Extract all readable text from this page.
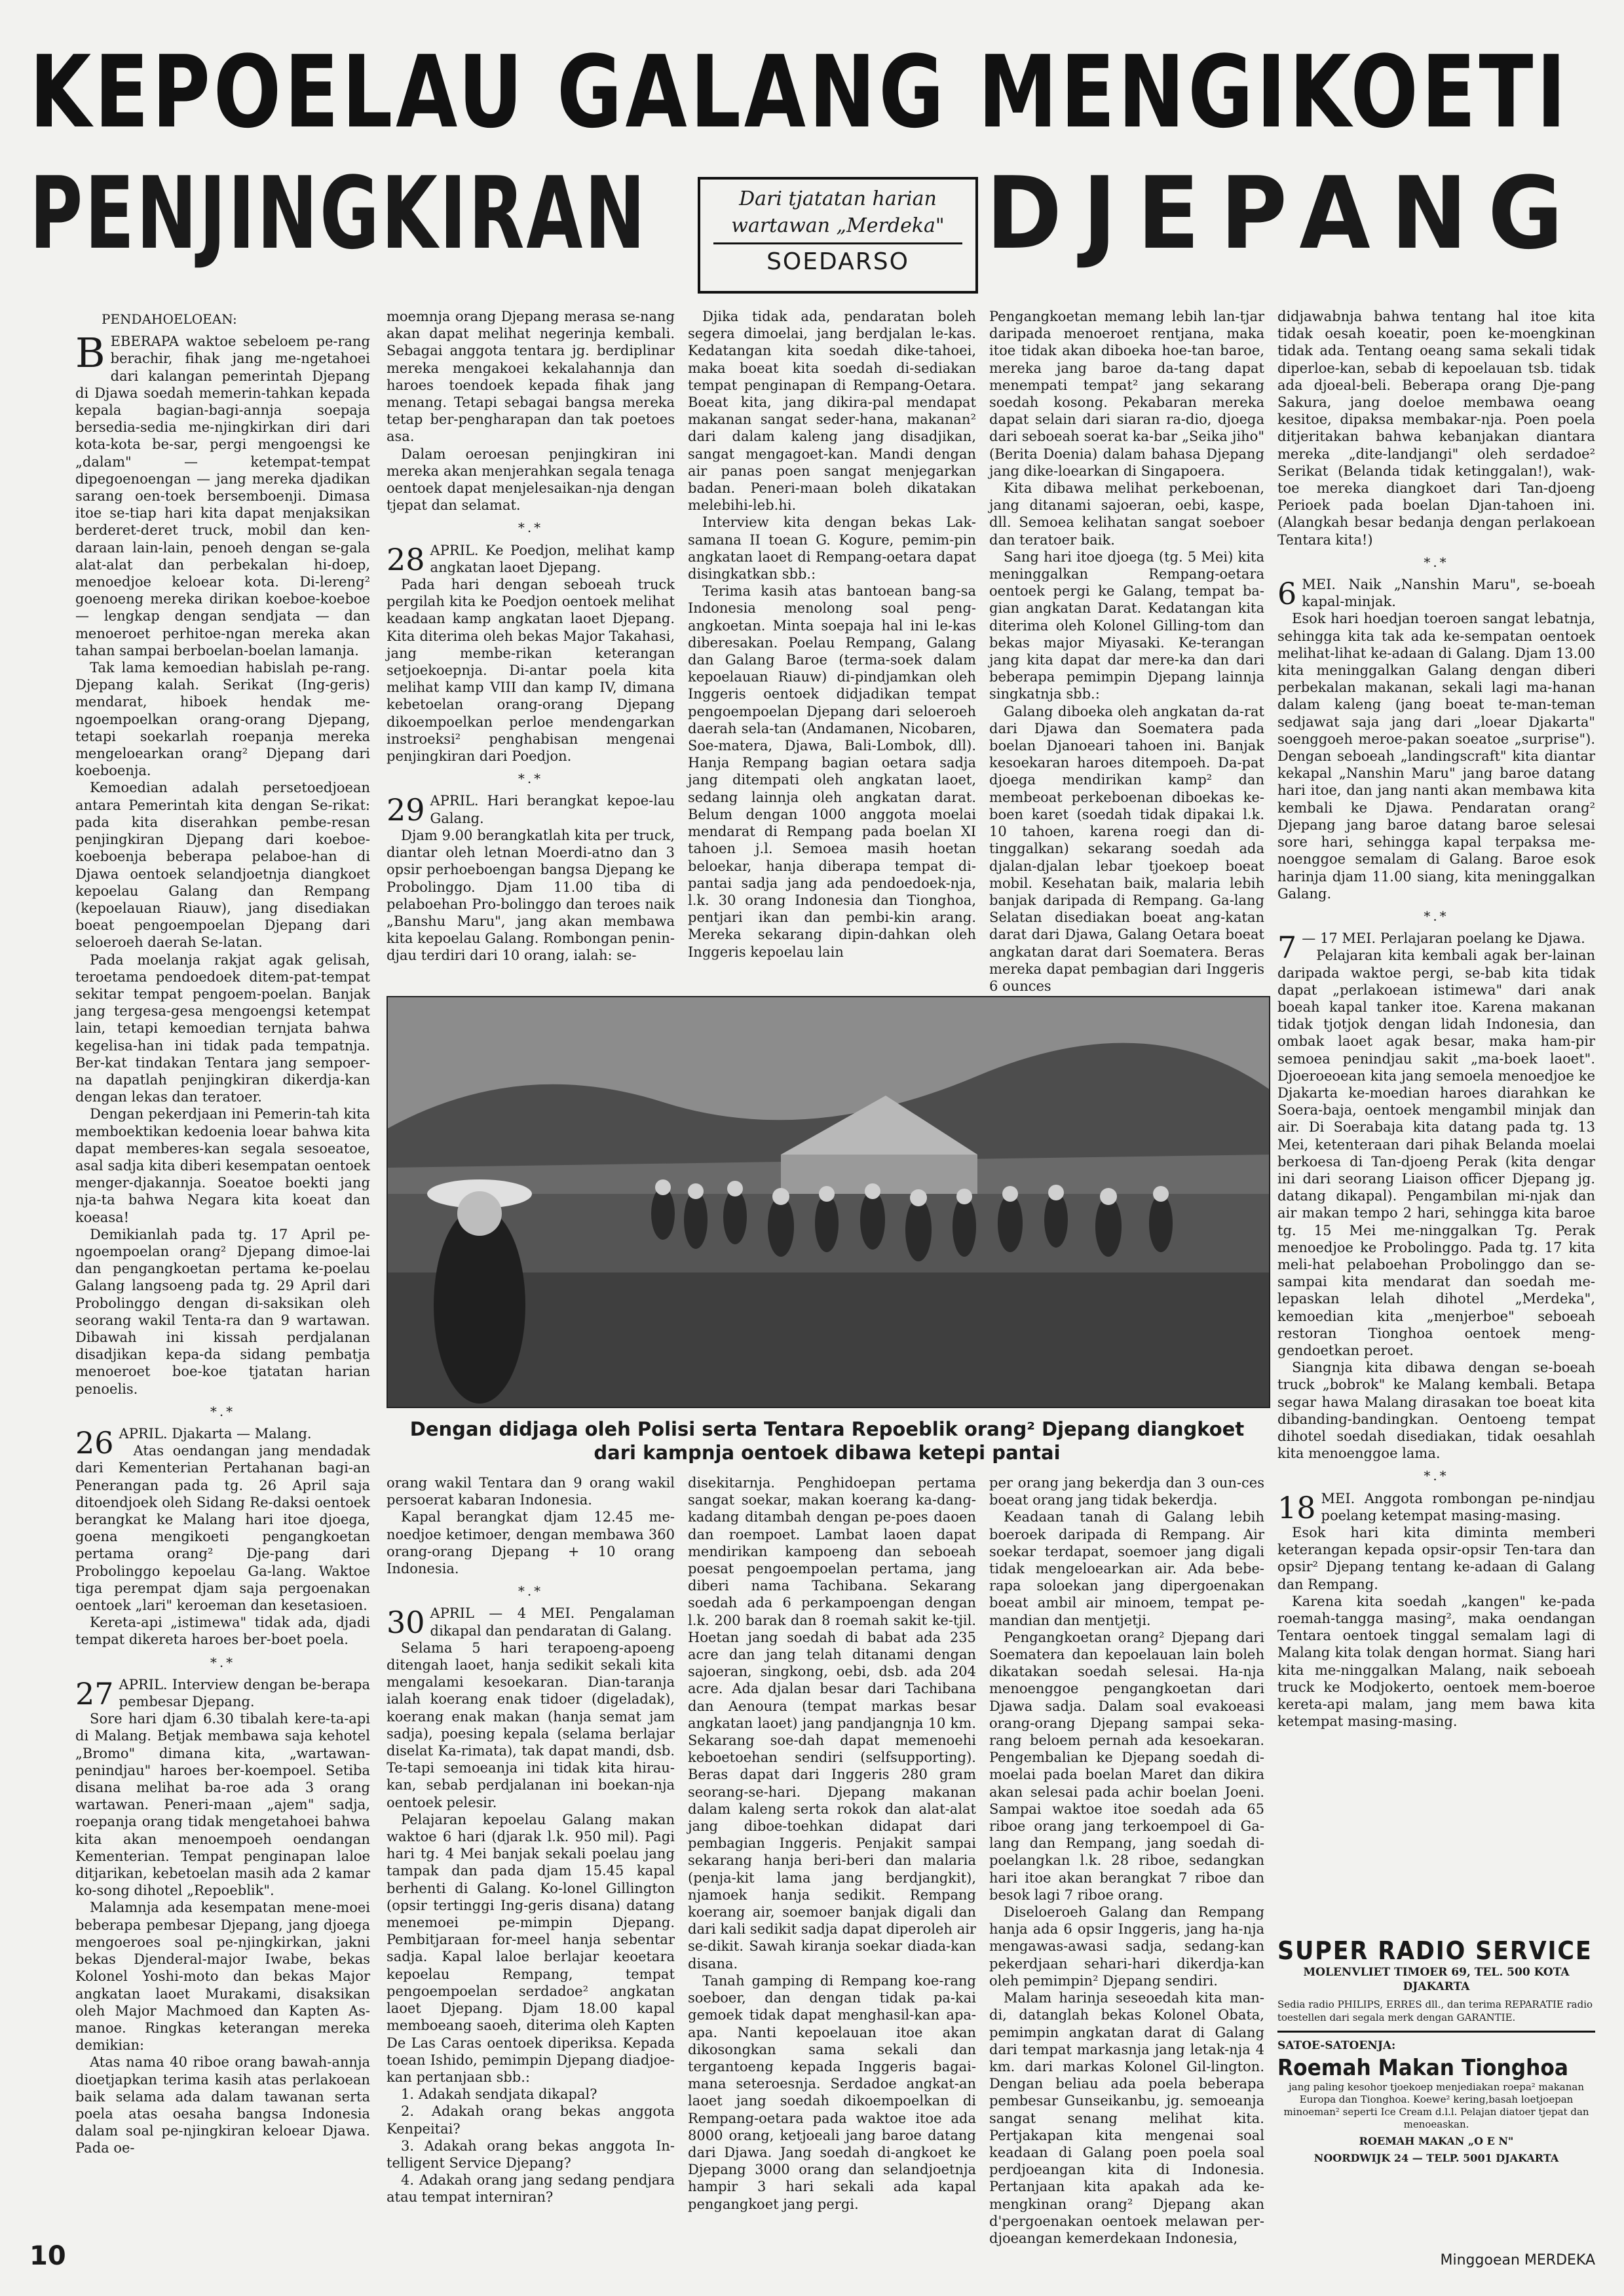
KEPOELAU GALANG MENGIKOETI
PENJINGKIRAN	Dari tjatatan harian
wartawan „Merdeka"
SOEDARSO DJEPANG
PENDAHOELOEAN:

BEBERAPA waktoe sebeloem pe-rang berachir, fihak jang me-ngetahoei dari kalangan pemerintah Djepang di Djawa soedah memerin-tahkan kepada kepala bagian-bagi-annja soepaja bersedia-sedia me-njingkirkan diri dari kota-kota be-sar, pergi mengoengsi ke „dalam" — ketempat-tempat dipegoenoengan — jang mereka djadikan sarang oen-toek bersemboenji. Dimasa itoe se-tiap hari kita dapat menjaksikan berderet-deret truck, mobil dan ken-daraan lain-lain, penoeh dengan se-gala alat-alat dan perbekalan hi-doep, menoedjoe keloear kota. Di-lereng² goenoeng mereka dirikan koeboe-koeboe — lengkap dengan sendjata — dan menoeroet perhitoe-ngan mereka akan tahan sampai berboelan-boelan lamanja.

Tak lama kemoedian habislah pe-rang. Djepang kalah. Serikat (Ing-geris) mendarat, hiboek hendak me-ngoempoelkan orang-orang Djepang, tetapi soekarlah roepanja mereka mengeloearkan orang² Djepang dari koeboenja.

Kemoedian adalah persetoedjoean antara Pemerintah kita dengan Se-rikat: pada kita diserahkan pembe-resan penjingkiran Djepang dari koeboe-koeboenja beberapa pelaboe-han di Djawa oentoek selandjoetnja diangkoet kepoelau Galang dan Rempang (kepoelauan Riauw), jang disediakan boeat pengoempoelan Djepang dari seloeroeh daerah Se-latan.

Pada moelanja rakjat agak gelisah, teroetama pendoedoek ditem-pat-tempat sekitar tempat pengoem-poelan. Banjak jang tergesa-gesa mengoengsi ketempat lain, tetapi kemoedian ternjata bahwa kegelisa-han ini tidak pada tempatnja. Ber-kat tindakan Tentara jang sempoer-na dapatlah penjingkiran dikerdja-kan dengan lekas dan teratoer.

Dengan pekerdjaan ini Pemerin-tah kita memboektikan kedoenia loear bahwa kita dapat memberes-kan segala sesoeatoe, asal sadja kita diberi kesempatan oentoek menger-djakannja. Soeatoe boekti jang nja-ta bahwa Negara kita koeat dan koeasa!

Demikianlah pada tg. 17 April pe-ngoempoelan orang² Djepang dimoe-lai dan pengangkoetan pertama ke-poelau Galang langsoeng pada tg. 29 April dari Probolinggo dengan di-saksikan oleh seorang wakil Tenta-ra dan 9 wartawan. Dibawah ini kissah perdjalanan disadjikan kepa-da sidang pembatja menoeroet boe-koe tjatatan harian penoelis.

*.*

26 APRIL. Djakarta — Malang.

Atas oendangan jang mendadak dari Kementerian Pertahanan bagi-an Penerangan pada tg. 26 April saja ditoendjoek oleh Sidang Re-daksi oentoek berangkat ke Malang hari itoe djoega, goena mengikoeti pengangkoetan pertama orang² Dje-pang dari Probolinggo kepoelau Ga-lang. Waktoe tiga perempat djam saja pergoenakan oentoek „lari" keroeman dan kesetasioen.

Kereta-api „istimewa" tidak ada, djadi tempat dikereta haroes ber-boet poela.

*.*

27 APRIL. Interview dengan be-berapa pembesar Djepang.

Sore hari djam 6.30 tibalah kere-ta-api di Malang. Betjak membawa saja kehotel „Bromo" dimana kita, „wartawan-penindjau" haroes ber-koempoel. Setiba disana melihat ba-roe ada 3 orang wartawan. Peneri-maan „ajem" sadja, roepanja orang tidak mengetahoei bahwa kita akan menoempoeh oendangan Kementerian. Tempat penginapan laloe ditjarikan, kebetoelan masih ada 2 kamar ko-song dihotel „Repoeblik".

Malamnja ada kesempatan mene-moei beberapa pembesar Djepang, jang djoega mengoeroes soal pe-njingkirkan, jakni bekas Djenderal-major Iwabe, bekas Kolonel Yoshi-moto dan bekas Major angkatan laoet Murakami, disaksikan oleh Major Machmoed dan Kapten As-manoe. Ringkas keterangan mereka demikian:

Atas nama 40 riboe orang bawah-annja dioetjapkan terima kasih atas perlakoean baik selama ada dalam tawanan serta poela atas oesaha bangsa Indonesia dalam soal pe-njingkiran keloear Djawa. Pada oe-

moemnja orang Djepang merasa se-nang akan dapat melihat negerinja kembali. Sebagai anggota tentara jg. berdiplinar mereka mengakoei kekalahannja dan haroes toendoek kepada fihak jang menang. Tetapi sebagai bangsa mereka tetap ber-pengharapan dan tak poetoes asa.

Dalam oeroesan penjingkiran ini mereka akan menjerahkan segala tenaga oentoek dapat menjelesaikan-nja dengan tjepat dan selamat.

*.*

28 APRIL. Ke Poedjon, melihat kamp angkatan laoet Djepang.

Pada hari dengan seboeah truck pergilah kita ke Poedjon oentoek melihat keadaan kamp angkatan laoet Djepang. Kita diterima oleh bekas Major Takahasi, jang membe-rikan keterangan setjoekoepnja. Di-antar poela kita melihat kamp VIII dan kamp IV, dimana kebetoelan orang-orang Djepang dikoempoelkan perloe mendengarkan instroeksi² penghabisan mengenai penjingkiran dari Poedjon.

*.*

29 APRIL. Hari berangkat kepoe-lau Galang.

Djam 9.00 berangkatlah kita per truck, diantar oleh letnan Moerdi-atno dan 3 opsir perhoeboengan bangsa Djepang ke Probolinggo. Djam 11.00 tiba di pelaboehan Pro-bolinggo dan teroes naik „Banshu Maru", jang akan membawa kita kepoelau Galang. Rombongan penin-djau terdiri dari 10 orang, ialah: se-

Djika tidak ada, pendaratan boleh segera dimoelai, jang berdjalan le-kas. Kedatangan kita soedah dike-tahoei, maka boeat kita soedah di-sediakan tempat penginapan di Rempang-Oetara. Boeat kita, jang dikira-pal mendapat makanan sangat seder-hana, makanan² dari dalam kaleng jang disadjikan, sangat mengagoet-kan. Mandi dengan air panas poen sangat menjegarkan badan. Peneri-maan boleh dikatakan melebihi-leb.hi.

Interview kita dengan bekas Lak-samana II toean G. Kogure, pemim-pin angkatan laoet di Rempang-oetara dapat disingkatkan sbb.:

Terima kasih atas bantoean bang-sa Indonesia menolong soal peng-angkoetan. Minta soepaja hal ini le-kas diberesakan. Poelau Rempang, Galang dan Galang Baroe (terma-soek dalam kepoelauan Riauw) di-pindjamkan oleh Inggeris oentoek didjadikan tempat pengoempoelan Djepang dari seloeroeh daerah sela-tan (Andamanen, Nicobaren, Soe-matera, Djawa, Bali-Lombok, dll). Hanja Rempang bagian oetara sadja jang ditempati oleh angkatan laoet, sedang lainnja oleh angkatan darat. Belum dengan 1000 anggota moelai mendarat di Rempang pada boelan XI tahoen j.l. Semoea masih hoetan beloekar, hanja diberapa tempat di-pantai sadja jang ada pendoedoek-nja, l.k. 30 orang Indonesia dan Tionghoa, pentjari ikan dan pembi-kin arang. Mereka sekarang dipin-dahkan oleh Inggeris kepoelau lain

Pengangkoetan memang lebih lan-tjar daripada menoeroet rentjana, maka itoe tidak akan diboeka hoe-tan baroe, mereka jang baroe da-tang dapat menempati tempat² jang sekarang soedah kosong. Pekabaran mereka dapat selain dari siaran ra-dio, djoega dari seboeah soerat ka-bar „Seika jiho" (Berita Doenia) dalam bahasa Djepang jang dike-loearkan di Singapoera.

Kita dibawa melihat perkeboenan, jang ditanami sajoeran, oebi, kaspe, dll. Semoea kelihatan sangat soeboer dan teratoer baik.

Sang hari itoe djoega (tg. 5 Mei) kita meninggalkan Rempang-oetara oentoek pergi ke Galang, tempat ba-gian angkatan Darat. Kedatangan kita diterima oleh Kolonel Gilling-tom dan bekas major Miyasaki. Ke-terangan jang kita dapat dar mere-ka dan dari beberapa pemimpin Djepang lainnja singkatnja sbb.:

Galang diboeka oleh angkatan da-rat dari Djawa dan Soematera pada boelan Djanoeari tahoen ini. Banjak kesoekaran haroes ditempoeh. Da-pat djoega mendirikan kamp² dan membeoat perkeboenan diboekas ke-boen karet (soedah tidak dipakai l.k. 10 tahoen, karena roegi dan di-tinggalkan) sekarang soedah ada djalan-djalan lebar tjoekoep boeat mobil. Kesehatan baik, malaria lebih banjak daripada di Rempang. Ga-lang Selatan disediakan boeat ang-katan darat dari Djawa, Galang Oetara boeat angkatan darat dari Soematera. Beras mereka dapat pembagian dari Inggeris 6 ounces

didjawabnja bahwa tentang hal itoe kita tidak oesah koeatir, poen ke-moengkinan tidak ada. Tentang oeang sama sekali tidak diperloe-kan, sebab di kepoelauan tsb. tidak ada djoeal-beli. Beberapa orang Dje-pang Sakura, jang doeloe membawa oeang kesitoe, dipaksa membakar-nja. Poen poela ditjeritakan bahwa kebanjakan diantara mereka „dite-landjangi" oleh serdadoe² Serikat (Belanda tidak ketinggalan!), wak-toe mereka diangkoet dari Tan-djoeng Perioek pada boelan Djan-tahoen ini. (Alangkah besar bedanja dengan perlakoean Tentara kita!)

*.*

6 MEI. Naik „Nanshin Maru", se-boeah kapal-minjak.

Esok hari hoedjan toeroen sangat lebatnja, sehingga kita tak ada ke-sempatan oentoek melihat-lihat ke-adaan di Galang. Djam 13.00 kita meninggalkan Galang dengan diberi perbekalan makanan, sekali lagi ma-hanan dalam kaleng (jang boeat te-man-teman sedjawat saja jang dari „loear Djakarta" soenggoeh meroe-pakan soeatoe „surprise"). Dengan seboeah „landingscraft" kita diantar kekapal „Nanshin Maru" jang baroe datang hari itoe, dan jang nanti akan membawa kita kembali ke Djawa. Pendaratan orang² Djepang jang baroe datang baroe selesai sore hari, sehingga kapal terpaksa me-noenggoe semalam di Galang. Baroe esok harinja djam 11.00 siang, kita meninggalkan Galang.

*.*

7 — 17 MEI. Perlajaran poelang ke Djawa.

Pelajaran kita kembali agak ber-lainan daripada waktoe pergi, se-bab kita tidak dapat „perlakoean istimewa" dari anak boeah kapal tanker itoe. Karena makanan tidak tjotjok dengan lidah Indonesia, dan ombak laoet agak besar, maka ham-pir semoea penindjau sakit „ma-boek laoet". Djoeroeoean kita jang semoela menoedjoe ke Djakarta ke-moedian haroes diarahkan ke Soera-baja, oentoek mengambil minjak dan air. Di Soerabaja kita datang pada tg. 13 Mei, ketenteraan dari pihak Belanda moelai berkoesa di Tan-djoeng Perak (kita dengar ini dari seorang Liaison officer Djepang jg. datang dikapal). Pengambilan mi-njak dan air makan tempo 2 hari, sehingga kita baroe tg. 15 Mei me-ninggalkan Tg. Perak menoedjoe ke Probolinggo. Pada tg. 17 kita meli-hat pelaboehan Probolinggo dan se-sampai kita mendarat dan soedah me-lepaskan lelah dihotel „Merdeka", kemoedian kita „menjerboe" seboeah restoran Tionghoa oentoek meng-gendoetkan peroet.

Siangnja kita dibawa dengan se-boeah truck „bobrok" ke Malang kembali. Betapa segar hawa Malang dirasakan toe boeat kita dibanding-bandingkan. Oentoeng tempat dihotel soedah disediakan, tidak oesahlah kita menoenggoe lama.

*.*

18 MEI. Anggota rombongan pe-nindjau poelang ketempat masing-masing.

Esok hari kita diminta memberi keterangan kepada opsir-opsir Ten-tara dan opsir² Djepang tentang ke-adaan di Galang dan Rempang.

Karena kita soedah „kangen" ke-pada roemah-tangga masing², maka oendangan Tentara oentoek tinggal semalam lagi di Malang kita tolak dengan hormat. Siang hari kita me-ninggalkan Malang, naik seboeah truck ke Modjokerto, oentoek mem-boeroe kereta-api malam, jang mem bawa kita ketempat masing-masing.

Dengan didjaga oleh Polisi serta Tentara Repoeblik orang² Djepang diangkoet
dari kampnja oentoek dibawa ketepi pantai

orang wakil Tentara dan 9 orang wakil persoerat kabaran Indonesia.

Kapal berangkat djam 12.45 me-noedjoe ketimoer, dengan membawa 360 orang-orang Djepang + 10 orang Indonesia.

*.*

30 APRIL — 4 MEI. Pengalaman dikapal dan pendaratan di Galang.

Selama 5 hari terapoeng-apoeng ditengah laoet, hanja sedikit sekali kita mengalami kesoekaran. Dian-taranja ialah koerang enak tidoer (digeladak), koerang enak makan (hanja semat jam sadja), poesing kepala (selama berlajar diselat Ka-rimata), tak dapat mandi, dsb. Te-tapi semoeanja ini tidak kita hirau-kan, sebab perdjalanan ini boekan-nja oentoek pelesir.

Pelajaran kepoelau Galang makan waktoe 6 hari (djarak l.k. 950 mil). Pagi hari tg. 4 Mei banjak sekali poelau jang tampak dan pada djam 15.45 kapal berhenti di Galang. Ko-lonel Gillington (opsir tertinggi Ing-geris disana) datang menemoei pe-mimpin Djepang. Pembitjaraan for-meel hanja sebentar sadja. Kapal laloe berlajar keoetara kepoelau Rempang, tempat pengoempoelan serdadoe² angkatan laoet Djepang. Djam 18.00 kapal memboeang saoeh, diterima oleh Kapten De Las Caras oentoek diperiksa. Kepada toean Ishido, pemimpin Djepang diadjoe-kan pertanjaan sbb.:

1. Adakah sendjata dikapal?

2. Adakah orang bekas anggota Kenpeitai?

3. Adakah orang bekas anggota In-telligent Service Djepang?

4. Adakah orang jang sedang pendjara atau tempat interniran?

disekitarnja. Penghidoepan pertama sangat soekar, makan koerang ka-dang-kadang ditambah dengan pe-poes daoen dan roempoet. Lambat laoen dapat mendirikan kampoeng dan seboeah poesat pengoempoelan pertama, jang diberi nama Tachibana. Sekarang soedah ada 6 perkampoengan dengan l.k. 200 barak dan 8 roemah sakit ke-tjil. Hoetan jang soedah di babat ada 235 acre dan jang telah ditanami dengan sajoeran, singkong, oebi, dsb. ada 204 acre. Ada djalan besar dari Tachibana dan Aenoura (tempat markas besar angkatan laoet) jang pandjangnja 10 km. Sekarang soe-dah dapat memenoehi keboetoehan sendiri (selfsupporting). Beras dapat dari Inggeris 280 gram seorang-se-hari. Djepang makanan dalam kaleng serta rokok dan alat-alat jang diboe-toehkan didapat dari pembagian Inggeris. Penjakit sampai sekarang hanja beri-beri dan malaria (penja-kit lama jang berdjangkit), njamoek hanja sedikit. Rempang koerang air, soemoer banjak digali dan dari kali sedikit sadja dapat diperoleh air se-dikit. Sawah kiranja soekar diada-kan disana.

Tanah gamping di Rempang koe-rang soeboer, dan dengan tidak pa-kai gemoek tidak dapat menghasil-kan apa-apa. Nanti kepoelauan itoe akan dikosongkan sama sekali dan tergantoeng kepada Inggeris bagai-mana seteroesnja. Serdadoe angkat-an laoet jang soedah dikoempoelkan di Rempang-oetara pada waktoe itoe ada 8000 orang, ketjoeali jang baroe datang dari Djawa. Jang soedah di-angkoet ke Djepang 3000 orang dan selandjoetnja hampir 3 hari sekali ada kapal pengangkoet jang pergi.

per orang jang bekerdja dan 3 oun-ces boeat orang jang tidak bekerdja.

Keadaan tanah di Galang lebih boeroek daripada di Rempang. Air soekar terdapat, soemoer jang digali tidak mengeloearkan air. Ada bebe-rapa soloekan jang dipergoenakan boeat ambil air minoem, tempat pe-mandian dan mentjetji.

Pengangkoetan orang² Djepang dari Soematera dan kepoelauan lain boleh dikatakan soedah selesai. Ha-nja menoenggoe pengangkoetan dari Djawa sadja. Dalam soal evakoeasi orang-orang Djepang sampai seka-rang beloem pernah ada kesoekaran. Pengembalian ke Djepang soedah di-moelai pada boelan Maret dan dikira akan selesai pada achir boelan Joeni. Sampai waktoe itoe soedah ada 65 riboe orang jang terkoempoel di Ga-lang dan Rempang, jang soedah di-poelangkan l.k. 28 riboe, sedangkan hari itoe akan berangkat 7 riboe dan besok lagi 7 riboe orang.

Diseloeroeh Galang dan Rempang hanja ada 6 opsir Inggeris, jang ha-nja mengawas-awasi sadja, sedang-kan pekerdjaan sehari-hari dikerdja-kan oleh pemimpin² Djepang sendiri.

Malam harinja seseoedah kita man-di, datanglah bekas Kolonel Obata, pemimpin angkatan darat di Galang dari tempat markasnja jang letak-nja 4 km. dari markas Kolonel Gil-lington. Dengan beliau ada poela beberapa pembesar Gunseikanbu, jg. semoeanja sangat senang melihat kita. Pertjakapan kita mengenai soal keadaan di Galang poen poela soal perdjoeangan kita di Indonesia. Pertanjaan kita apakah ada ke-mengkinan orang² Djepang akan d'pergoenakan oentoek melawan per-djoeangan kemerdekaan Indonesia,

SUPER RADIO SERVICE
MOLENVLIET TIMOER 69, TEL. 500 KOTA
DJAKARTA
Sedia radio PHILIPS, ERRES dll., dan terima REPARATIE radio toestellen dari segala merk dengan GARANTIE.
SATOE-SATOENJA:
Roemah Makan Tionghoa
jang paling kesohor tjoekoep menjediakan roepa² makanan Europa dan Tionghoa. Koewe² kering,basah loetjoepan minoeman² seperti Ice Cream d.l.l. Pelajan diatoer tjepat dan menoeaskan.
ROEMAH MAKAN „O E N"
NOORDWIJK 24 — TELP. 5001 DJAKARTA
10	Minggoean MERDEKA
